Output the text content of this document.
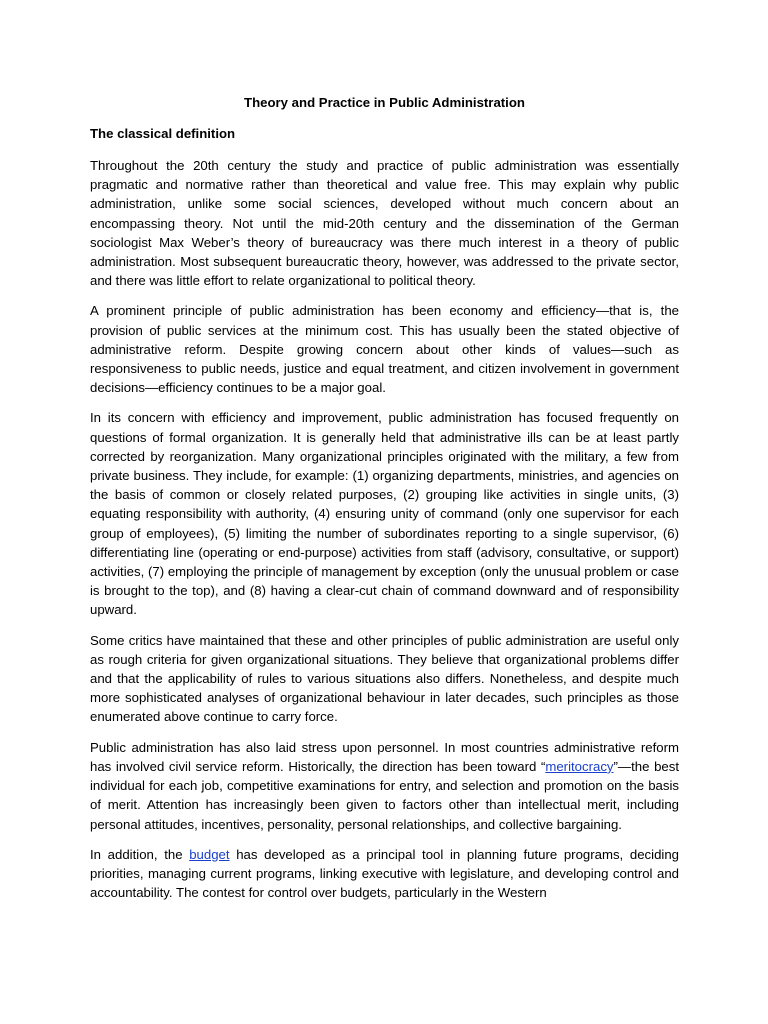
Theory and Practice in Public Administration
The classical definition

Throughout the 20th century the study and practice of public administration was essentially pragmatic and normative rather than theoretical and value free. This may explain why public administration, unlike some social sciences, developed without much concern about an encompassing theory. Not until the mid-20th century and the dissemination of the German sociologist Max Weber’s theory of bureaucracy was there much interest in a theory of public administration. Most subsequent bureaucratic theory, however, was addressed to the private sector, and there was little effort to relate organizational to political theory.

A prominent principle of public administration has been economy and efficiency—that is, the provision of public services at the minimum cost. This has usually been the stated objective of administrative reform. Despite growing concern about other kinds of values—such as responsiveness to public needs, justice and equal treatment, and citizen involvement in government decisions—efficiency continues to be a major goal.

In its concern with efficiency and improvement, public administration has focused frequently on questions of formal organization. It is generally held that administrative ills can be at least partly corrected by reorganization. Many organizational principles originated with the military, a few from private business. They include, for example: (1) organizing departments, ministries, and agencies on the basis of common or closely related purposes, (2) grouping like activities in single units, (3) equating responsibility with authority, (4) ensuring unity of command (only one supervisor for each group of employees), (5) limiting the number of subordinates reporting to a single supervisor, (6) differentiating line (operating or end-purpose) activities from staff (advisory, consultative, or support) activities, (7) employing the principle of management by exception (only the unusual problem or case is brought to the top), and (8) having a clear-cut chain of command downward and of responsibility upward.

Some critics have maintained that these and other principles of public administration are useful only as rough criteria for given organizational situations. They believe that organizational problems differ and that the applicability of rules to various situations also differs. Nonetheless, and despite much more sophisticated analyses of organizational behaviour in later decades, such principles as those enumerated above continue to carry force.

Public administration has also laid stress upon personnel. In most countries administrative reform has involved civil service reform. Historically, the direction has been toward “meritocracy”—the best individual for each job, competitive examinations for entry, and selection and promotion on the basis of merit. Attention has increasingly been given to factors other than intellectual merit, including personal attitudes, incentives, personality, personal relationships, and collective bargaining.

In addition, the budget has developed as a principal tool in planning future programs, deciding priorities, managing current programs, linking executive with legislature, and developing control and accountability. The contest for control over budgets, particularly in the Western
